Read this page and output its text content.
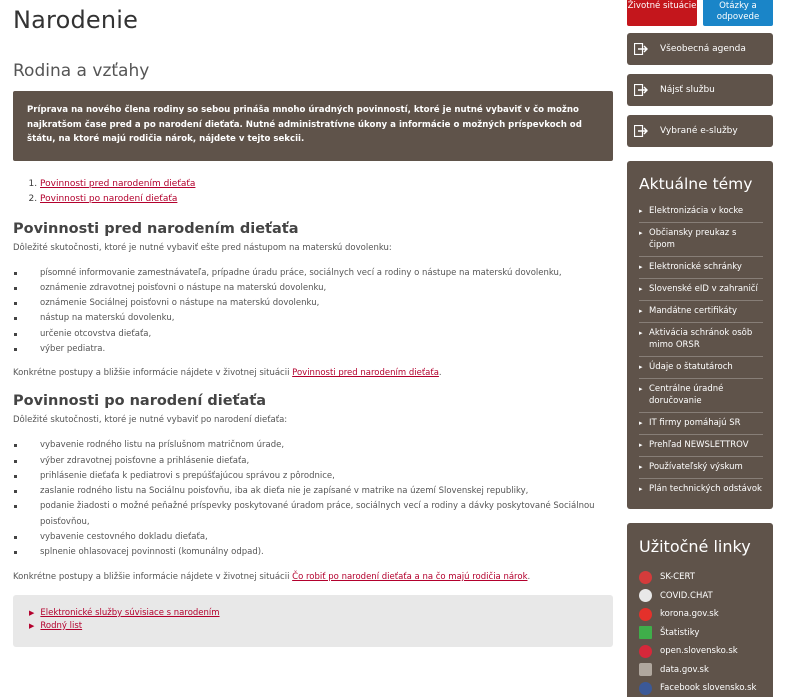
Narodenie
Rodina a vzťahy
Príprava na nového člena rodiny so sebou prináša mnoho úradných povinností, ktoré je nutné vybaviť v čo možno najkratšom čase pred a po narodení dieťaťa. Nutné administratívne úkony a informácie o možných príspevkoch od štátu, na ktoré majú rodičia nárok, nájdete v tejto sekcii.
1. Povinnosti pred narodením dieťaťa
2. Povinnosti po narodení dieťaťa
Povinnosti pred narodením dieťaťa
Dôležité skutočnosti, ktoré je nutné vybaviť ešte pred nástupom na materskú dovolenku:
písomné informovanie zamestnávateľa, prípadne úradu práce, sociálnych vecí a rodiny o nástupe na materskú dovolenku,
oznámenie zdravotnej poisťovni o nástupe na materskú dovolenku,
oznámenie Sociálnej poisťovni o nástupe na materskú dovolenku,
nástup na materskú dovolenku,
určenie otcovstva dieťaťa,
výber pediatra.
Konkrétne postupy a bližšie informácie nájdete v životnej situácii Povinnosti pred narodením dieťaťa.
Povinnosti po narodení dieťaťa
Dôležité skutočnosti, ktoré je nutné vybaviť po narodení dieťaťa:
vybavenie rodného listu na príslušnom matričnom úrade,
výber zdravotnej poisťovne a prihlásenie dieťaťa,
prihlásenie dieťaťa k pediatrovi s prepúšťajúcou správou z pôrodnice,
zaslanie rodného listu na Sociálnu poisťovňu, iba ak dieťa nie je zapísané v matrike na území Slovenskej republiky,
podanie žiadosti o možné peňažné príspevky poskytované úradom práce, sociálnych vecí a rodiny a dávky poskytované Sociálnou poisťovňou,
vybavenie cestovného dokladu dieťaťa,
splnenie ohlasovacej povinnosti (komunálny odpad).
Konkrétne postupy a bližšie informácie nájdete v životnej situácii Čo robiť po narodení dieťaťa a na čo majú rodičia nárok.
▶ Elektronické služby súvisiace s narodením
▶ Rodný list
Životné situácie	Otázky a odpovede
Všeobecná agenda
Nájsť službu
Vybrané e-služby
Aktuálne témy
▸ Elektronizácia v kocke
▸ Občiansky preukaz s čipom
▸ Elektronické schránky
▸ Slovenské eID v zahraničí
▸ Mandátne certifikáty
▸ Aktivácia schránok osôb mimo ORSR
▸ Údaje o štatutároch
▸ Centrálne úradné doručovanie
▸ IT firmy pomáhajú SR
▸ Prehľad NEWSLETTROV
▸ Používateľský výskum
▸ Plán technických odstávok
Užitočné linky
SK-CERT
COVID.CHAT
korona.gov.sk
Štatistiky
open.slovensko.sk
data.gov.sk
Facebook slovensko.sk
